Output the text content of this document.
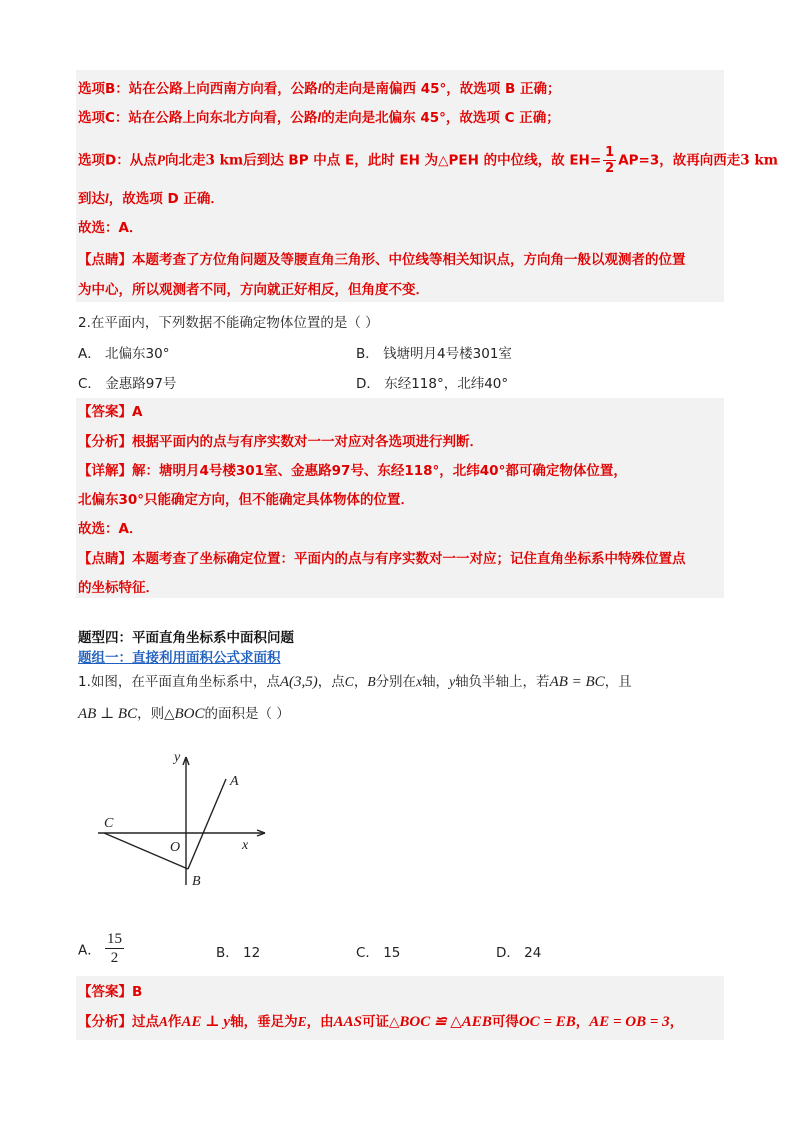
选项B：站在公路上向西南方向看，公路l的走向是南偏西 45°，故选项 B 正确；
选项C：站在公路上向东北方向看，公路l的走向是北偏东 45°，故选项 C 正确；
选项D：从点P向北走3 km后到达 BP 中点 E，此时 EH 为△PEH 的中位线，故 $EH= \frac{1}{2} AP=3$，故再向西走3 km
到达l，故选项 D 正确．
故选：A．
【点睛】本题考查了方位角问题及等腰直角三角形、中位线等相关知识点，方向角一般以观测者的位置
为中心，所以观测者不同，方向就正好相反，但角度不变．
2.在平面内，下列数据不能确定物体位置的是（ ）
A． 北偏东30°	B． 钱塘明月4号楼301室
C． 金惠路97号	D． 东经118°，北纬40°
【答案】A
【分析】根据平面内的点与有序实数对一一对应对各选项进行判断．
【详解】解：塘明月4号楼301室、金惠路97号、东经118°，北纬40°都可确定物体位置，
北偏东30°只能确定方向，但不能确定具体物体的位置．
故选：A．
【点睛】本题考查了坐标确定位置：平面内的点与有序实数对一一对应；记住直角坐标系中特殊位置点
的坐标特征．
题型四：平面直角坐标系中面积问题
题组一：直接利用面积公式求面积
1.如图，在平面直角坐标系中，点A(3,5)，点C，B分别在x轴，y轴负半轴上，若AB = BC，且
AB ⊥ BC，则△BOC的面积是（ ）
y
x
A
B
C
O
A． $\frac{15}{2}$	B． 12	C． 15	D． 24
【答案】B
【分析】过点A作AE ⊥ y轴，垂足为E，由AAS可证△BOC ≌ △AEB可得OC = EB，AE = OB = 3，
